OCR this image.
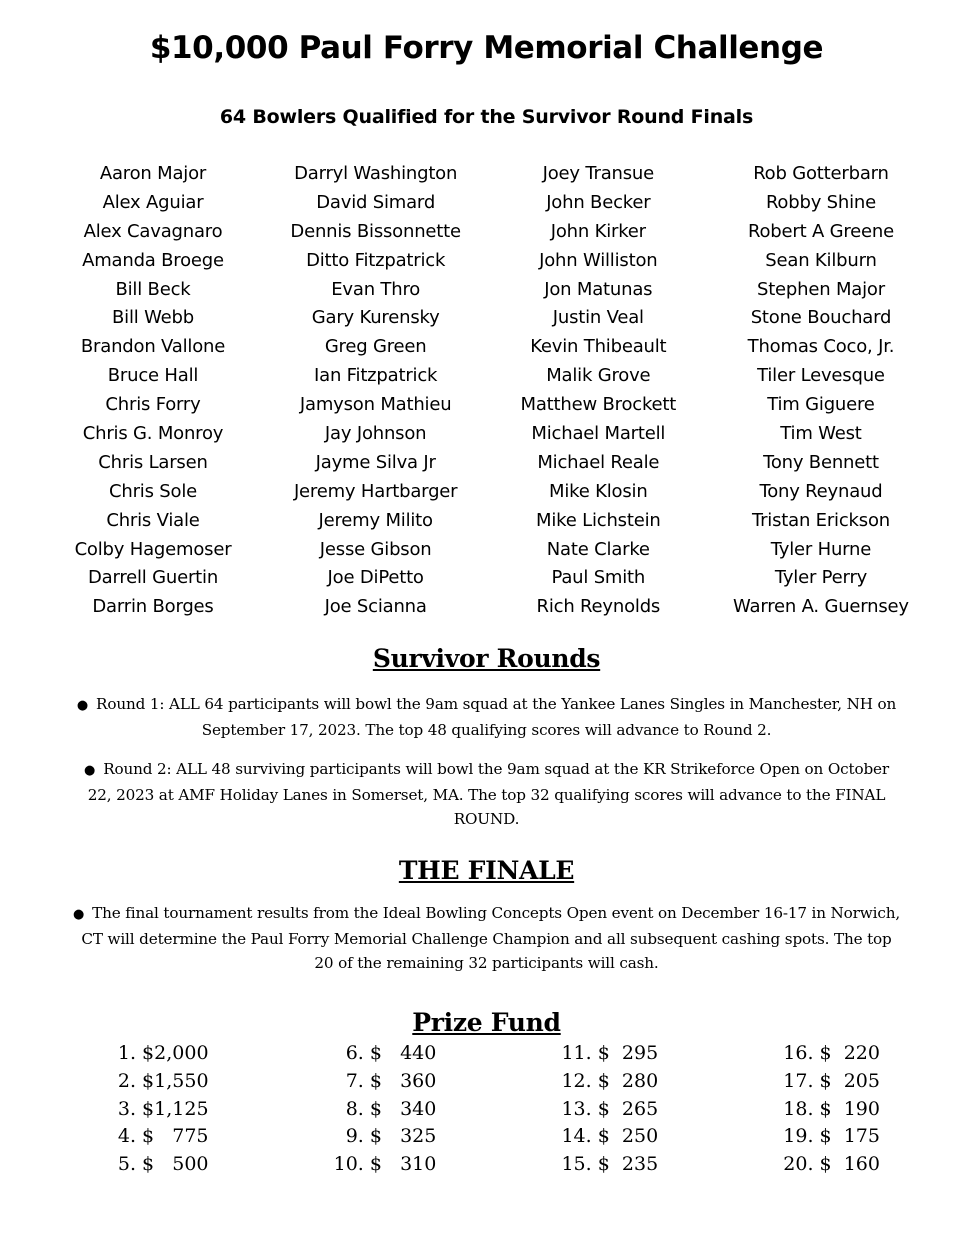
$10,000 Paul Forry Memorial Challenge
64 Bowlers Qualified for the Survivor Round Finals
Aaron Major
Alex Aguiar
Alex Cavagnaro
Amanda Broege
Bill Beck
Bill Webb
Brandon Vallone
Bruce Hall
Chris Forry
Chris G. Monroy
Chris Larsen
Chris Sole
Chris Viale
Colby Hagemoser
Darrell Guertin
Darrin Borges
Darryl Washington
David Simard
Dennis Bissonnette
Ditto Fitzpatrick
Evan Thro
Gary Kurensky
Greg Green
Ian Fitzpatrick
Jamyson Mathieu
Jay Johnson
Jayme Silva Jr
Jeremy Hartbarger
Jeremy Milito
Jesse Gibson
Joe DiPetto
Joe Scianna
Joey Transue
John Becker
John Kirker
John Williston
Jon Matunas
Justin Veal
Kevin Thibeault
Malik Grove
Matthew Brockett
Michael Martell
Michael Reale
Mike Klosin
Mike Lichstein
Nate Clarke
Paul Smith
Rich Reynolds
Rob Gotterbarn
Robby Shine
Robert A Greene
Sean Kilburn
Stephen Major
Stone Bouchard
Thomas Coco, Jr.
Tiler Levesque
Tim Giguere
Tim West
Tony Bennett
Tony Reynaud
Tristan Erickson
Tyler Hurne
Tyler Perry
Warren A. Guernsey
Survivor Rounds
● Round 1: ALL 64 participants will bowl the 9am squad at the Yankee Lanes Singles in Manchester, NH on
September 17, 2023. The top 48 qualifying scores will advance to Round 2.
● Round 2: ALL 48 surviving participants will bowl the 9am squad at the KR Strikeforce Open on October
22, 2023 at AMF Holiday Lanes in Somerset, MA. The top 32 qualifying scores will advance to the FINAL
ROUND.
THE FINALE
● The final tournament results from the Ideal Bowling Concepts Open event on December 16-17 in Norwich,
CT will determine the Paul Forry Memorial Challenge Champion and all subsequent cashing spots. The top
20 of the remaining 32 participants will cash.
Prize Fund
1. $2,000
2. $1,550
3. $1,125
4. $   775
5. $   500
6. $   440
7. $   360
8. $   340
9. $   325
10. $   310
11. $  295
12. $  280
13. $  265
14. $  250
15. $  235
16. $  220
17. $  205
18. $  190
19. $  175
20. $  160
